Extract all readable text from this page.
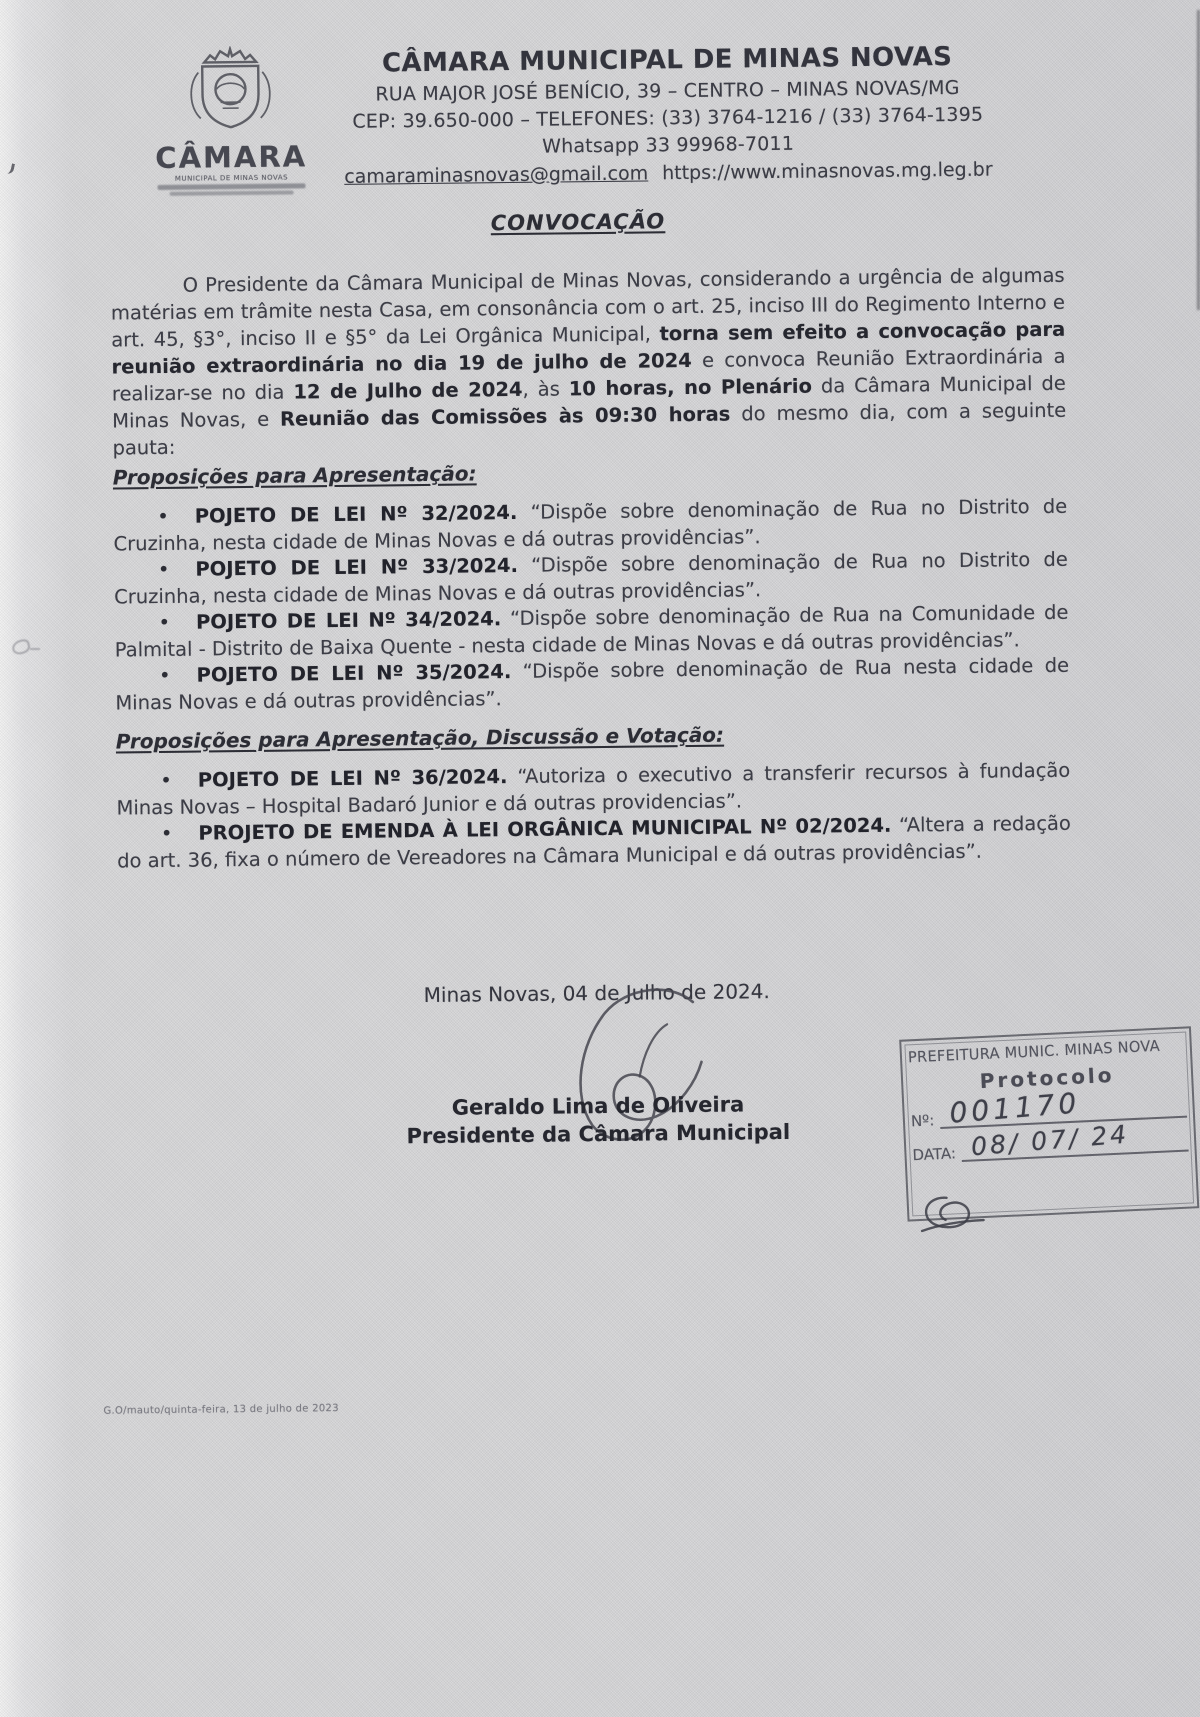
CÂMARA
MUNICIPAL DE MINAS NOVAS
CÂMARA MUNICIPAL DE MINAS NOVAS
RUA MAJOR JOSÉ BENÍCIO, 39 – CENTRO – MINAS NOVAS/MG
CEP: 39.650-000 – TELEFONES: (33) 3764-1216 / (33) 3764-1395
Whatsapp 33 99968-7011
camaraminasnovas@gmail.com https://www.minasnovas.mg.leg.br
CONVOCAÇÃO

O Presidente da Câmara Municipal de Minas Novas, considerando a urgência de algumas matérias em trâmite nesta Casa, em consonância com o art. 25, inciso III do Regimento Interno e art. 45, §3°, inciso II e §5° da Lei Orgânica Municipal, torna sem efeito a convocação para reunião extraordinária no dia 19 de julho de 2024 e convoca Reunião Extraordinária a realizar-se no dia 12 de Julho de 2024, às 10 horas, no Plenário da Câmara Municipal de Minas Novas, e Reunião das Comissões às 09:30 horas do mesmo dia, com a seguinte pauta:

Proposições para Apresentação:

• POJETO DE LEI Nº 32/2024. “Dispõe sobre denominação de Rua no Distrito de Cruzinha, nesta cidade de Minas Novas e dá outras providências”.

• POJETO DE LEI Nº 33/2024. “Dispõe sobre denominação de Rua no Distrito de Cruzinha, nesta cidade de Minas Novas e dá outras providências”.

• POJETO DE LEI Nº 34/2024. “Dispõe sobre denominação de Rua na Comunidade de Palmital - Distrito de Baixa Quente - nesta cidade de Minas Novas e dá outras providências”.

• POJETO DE LEI Nº 35/2024. “Dispõe sobre denominação de Rua nesta cidade de Minas Novas e dá outras providências”.

Proposições para Apresentação, Discussão e Votação:

• POJETO DE LEI Nº 36/2024. “Autoriza o executivo a transferir recursos à fundação Minas Novas – Hospital Badaró Junior e dá outras providencias”.

• PROJETO DE EMENDA À LEI ORGÂNICA MUNICIPAL Nº 02/2024. “Altera a redação do art. 36, fixa o número de Vereadores na Câmara Municipal e dá outras providências”.

Minas Novas, 04 de Julho de 2024.
Geraldo Lima de Oliveira
Presidente da Câmara Municipal
PREFEITURA MUNIC. MINAS NOVA
Protocolo
Nº: 001170
DATA: 08/ 07/ 24
G.O/mauto/quinta-feira, 13 de julho de 2023
